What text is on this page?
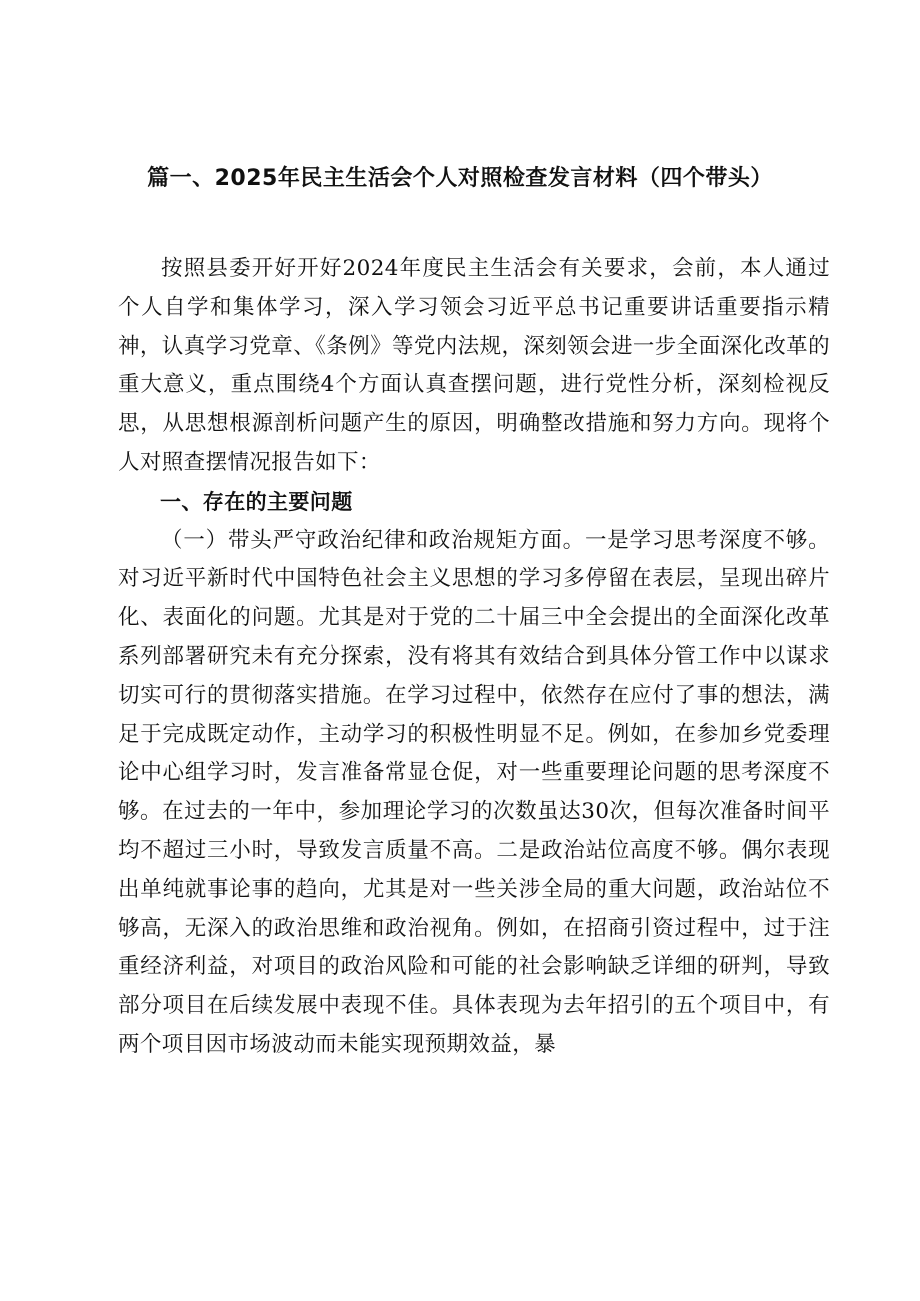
篇一、2025年民主生活会个人对照检查发言材料（四个带头）

按照县委开好开好2024年度民主生活会有关要求，会前，本人通过个人自学和集体学习，深入学习领会习近平总书记重要讲话重要指示精神，认真学习党章、《条例》等党内法规，深刻领会进一步全面深化改革的重大意义，重点围绕4个方面认真查摆问题，进行党性分析，深刻检视反思，从思想根源剖析问题产生的原因，明确整改措施和努力方向。现将个人对照查摆情况报告如下：

一、存在的主要问题

（一）带头严守政治纪律和政治规矩方面。一是学习思考深度不够。对习近平新时代中国特色社会主义思想的学习多停留在表层，呈现出碎片化、表面化的问题。尤其是对于党的二十届三中全会提出的全面深化改革系列部署研究未有充分探索，没有将其有效结合到具体分管工作中以谋求切实可行的贯彻落实措施。在学习过程中，依然存在应付了事的想法，满足于完成既定动作，主动学习的积极性明显不足。例如，在参加乡党委理论中心组学习时，发言准备常显仓促，对一些重要理论问题的思考深度不够。在过去的一年中，参加理论学习的次数虽达30次，但每次准备时间平均不超过三小时，导致发言质量不高。二是政治站位高度不够。偶尔表现出单纯就事论事的趋向，尤其是对一些关涉全局的重大问题，政治站位不够高，无深入的政治思维和政治视角。例如，在招商引资过程中，过于注重经济利益，对项目的政治风险和可能的社会影响缺乏详细的研判，导致部分项目在后续发展中表现不佳。具体表现为去年招引的五个项目中，有两个项目因市场波动而未能实现预期效益，暴
